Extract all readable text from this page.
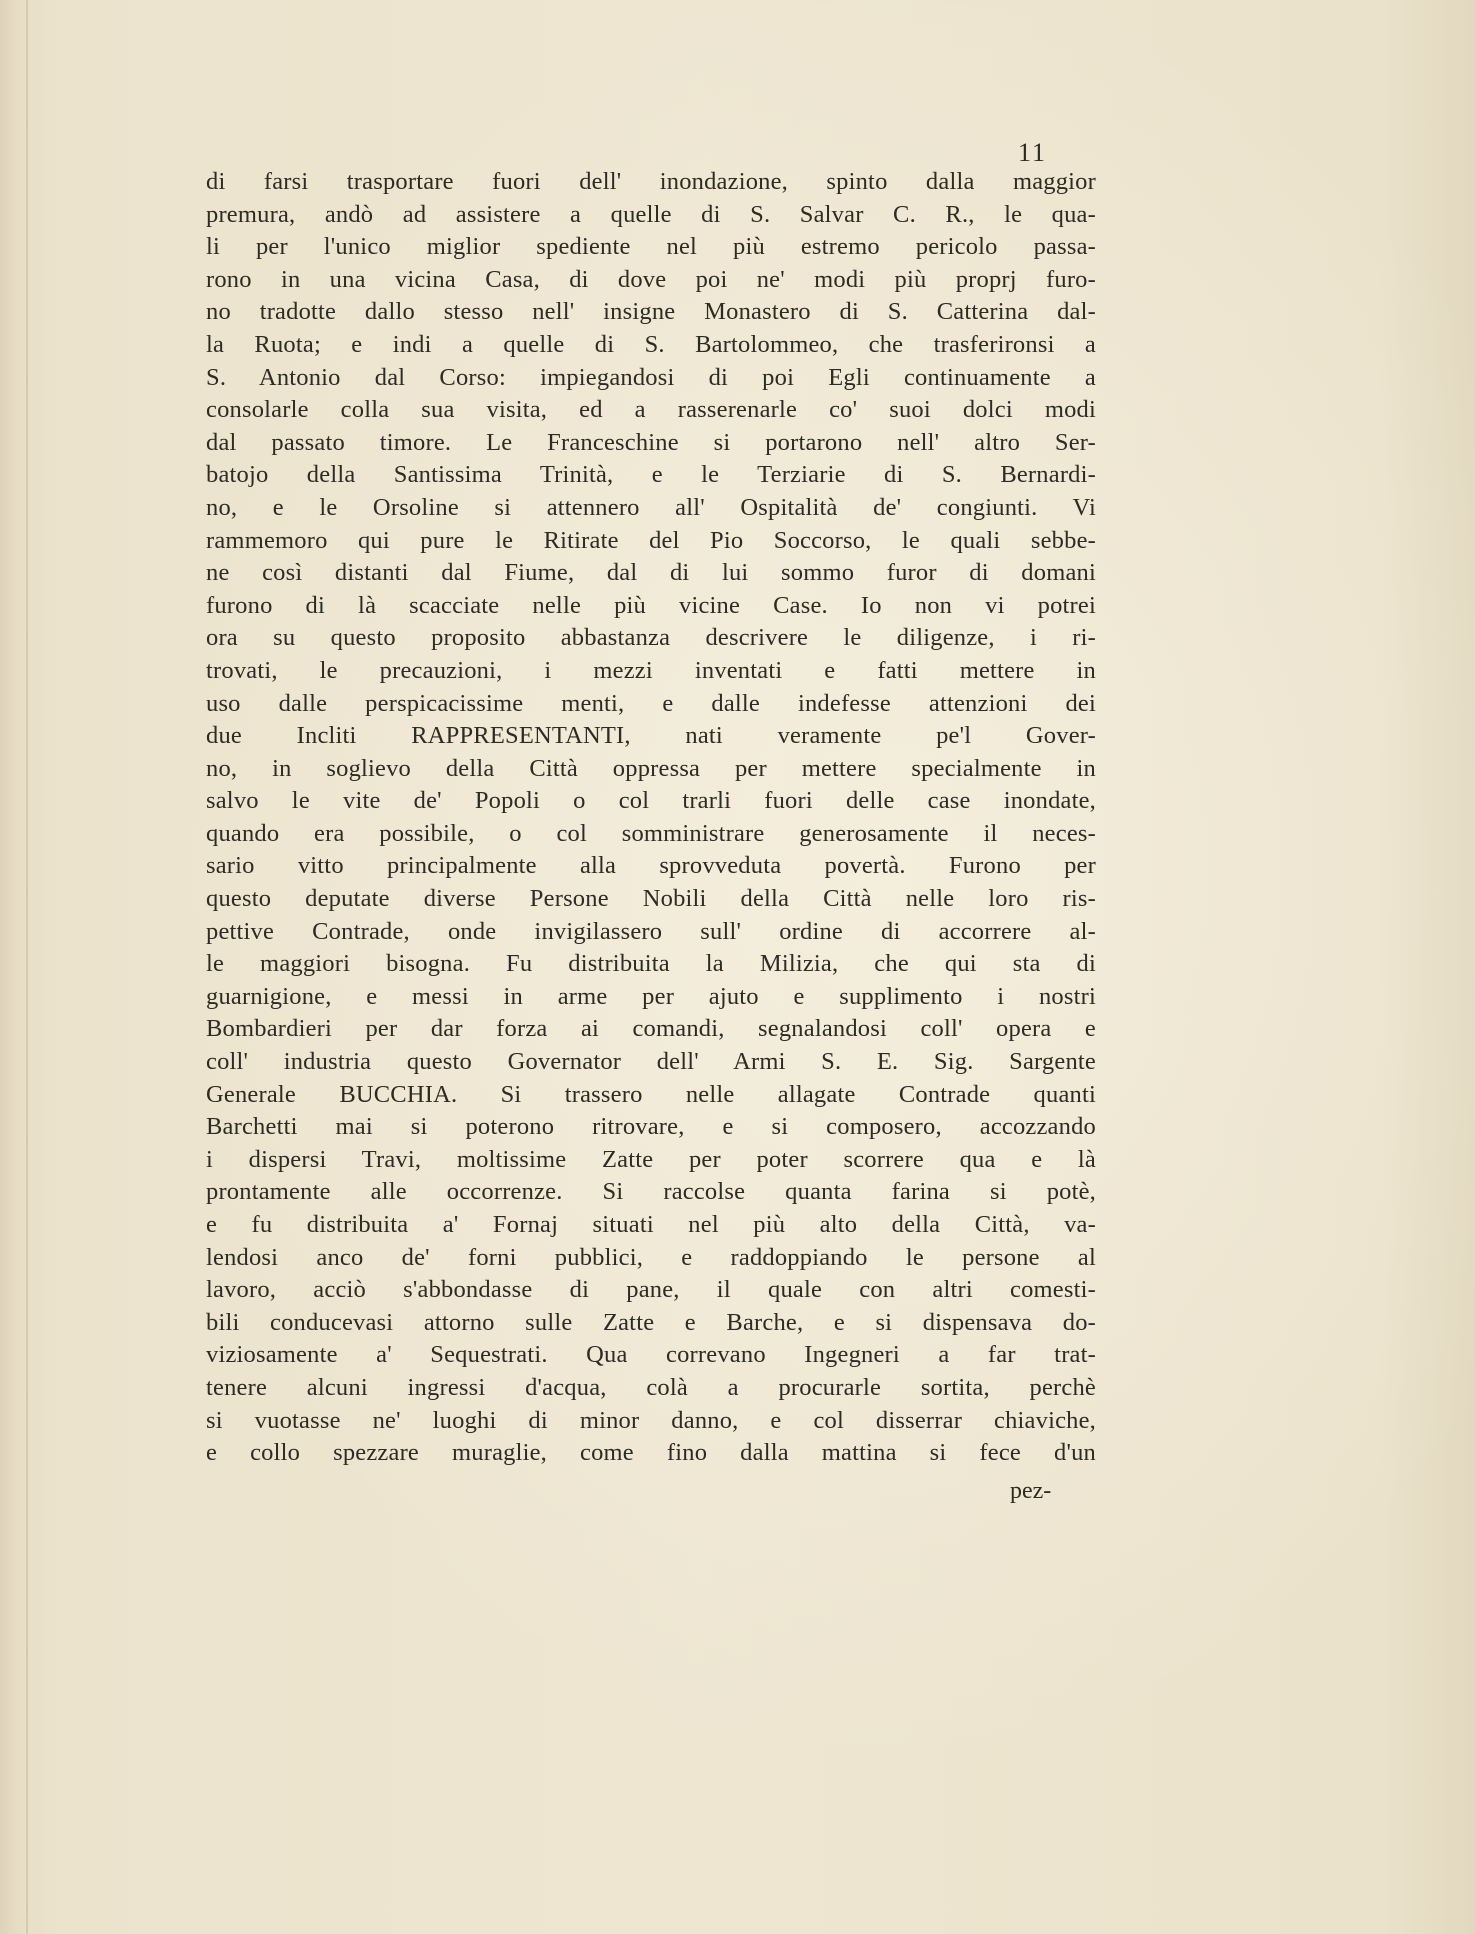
11
di farsi trasportare fuori dell' inondazione, spinto dalla maggior
premura, andò ad assistere a quelle di S. Salvar C. R., le qua-
li per l'unico miglior spediente nel più estremo pericolo passa-
rono in una vicina Casa, di dove poi ne' modi più proprj furo-
no tradotte dallo stesso nell' insigne Monastero di S. Catterina dal-
la Ruota; e indi a quelle di S. Bartolommeo, che trasferironsi a
S. Antonio dal Corso: impiegandosi di poi Egli continuamente a
consolarle colla sua visita, ed a rasserenarle co' suoi dolci modi
dal passato timore. Le Franceschine si portarono nell' altro Ser-
batojo della Santissima Trinità, e le Terziarie di S. Bernardi-
no, e le Orsoline si attennero all' Ospitalità de' congiunti. Vi
rammemoro qui pure le Ritirate del Pio Soccorso, le quali sebbe-
ne così distanti dal Fiume, dal di lui sommo furor di domani
furono di là scacciate nelle più vicine Case. Io non vi potrei
ora su questo proposito abbastanza descrivere le diligenze, i ri-
trovati, le precauzioni, i mezzi inventati e fatti mettere in
uso dalle perspicacissime menti, e dalle indefesse attenzioni dei
due Incliti RAPPRESENTANTI, nati veramente pe'l Gover-
no, in soglievo della Città oppressa per mettere specialmente in
salvo le vite de' Popoli o col trarli fuori delle case inondate,
quando era possibile, o col somministrare generosamente il neces-
sario vitto principalmente alla sprovveduta povertà. Furono per
questo deputate diverse Persone Nobili della Città nelle loro ris-
pettive Contrade, onde invigilassero sull' ordine di accorrere al-
le maggiori bisogna. Fu distribuita la Milizia, che qui sta di
guarnigione, e messi in arme per ajuto e supplimento i nostri
Bombardieri per dar forza ai comandi, segnalandosi coll' opera e
coll' industria questo Governator dell' Armi S. E. Sig. Sargente
Generale BUCCHIA. Si trassero nelle allagate Contrade quanti
Barchetti mai si poterono ritrovare, e si composero, accozzando
i dispersi Travi, moltissime Zatte per poter scorrere qua e là
prontamente alle occorrenze. Si raccolse quanta farina si potè,
e fu distribuita a' Fornaj situati nel più alto della Città, va-
lendosi anco de' forni pubblici, e raddoppiando le persone al
lavoro, acciò s'abbondasse di pane, il quale con altri comesti-
bili conducevasi attorno sulle Zatte e Barche, e si dispensava do-
viziosamente a' Sequestrati. Qua correvano Ingegneri a far trat-
tenere alcuni ingressi d'acqua, colà a procurarle sortita, perchè
si vuotasse ne' luoghi di minor danno, e col disserrar chiaviche,
e collo spezzare muraglie, come fino dalla mattina si fece d'un
pez-
